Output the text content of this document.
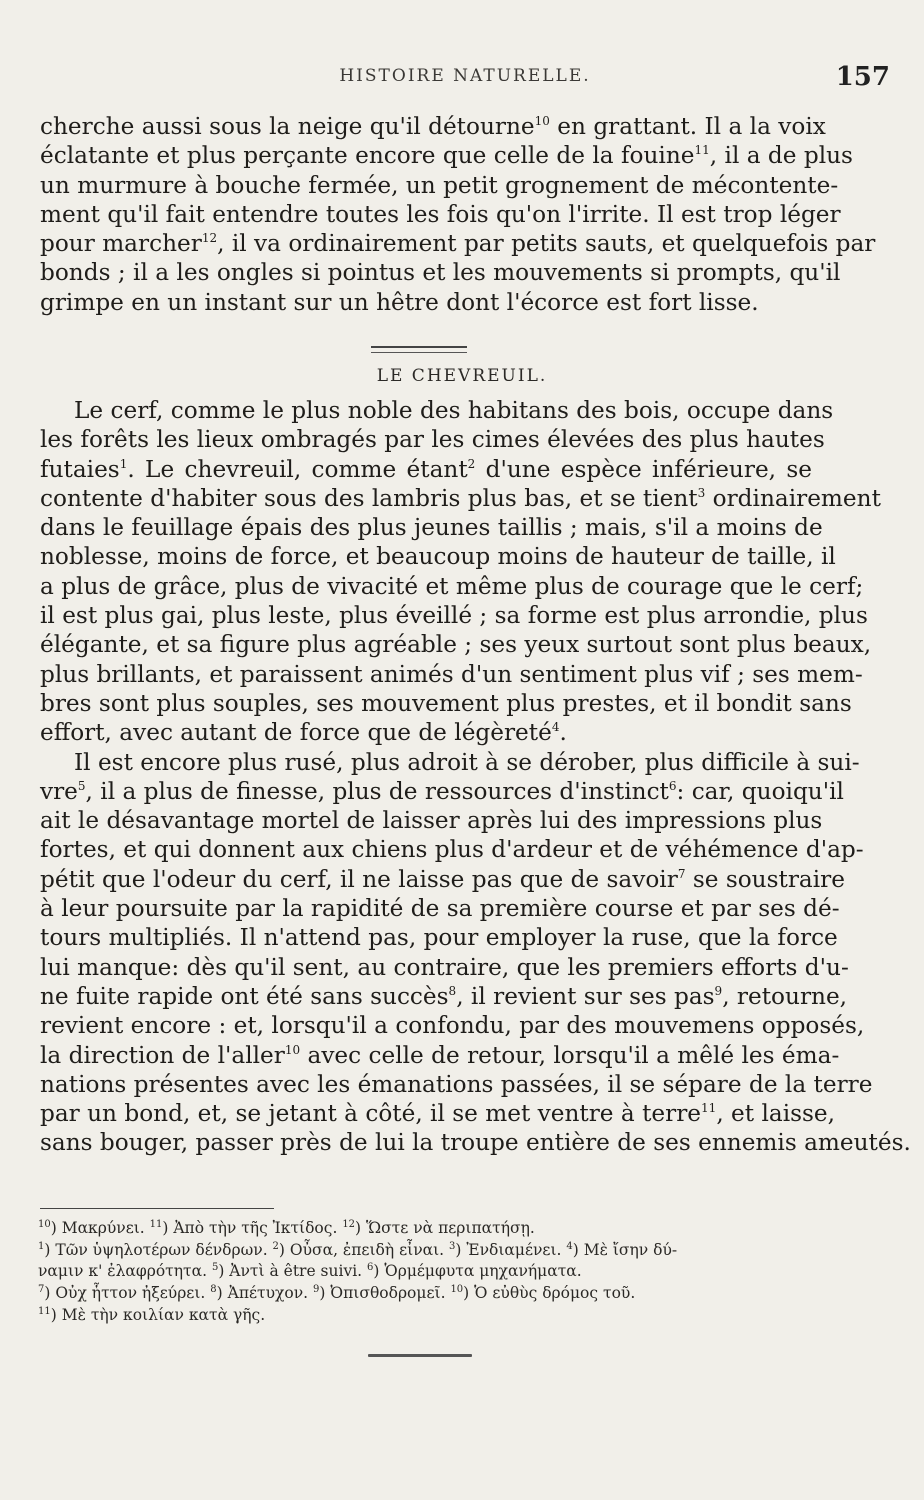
HISTOIRE NATURELLE.	157
cherche aussi sous la neige qu'il détourne$^{10}$ en grattant. Il a la voix
éclatante et plus perçante encore que celle de la fouine$^{11}$, il a de plus
un murmure à bouche fermée, un petit grognement de mécontente-
ment qu'il fait entendre toutes les fois qu'on l'irrite. Il est trop léger
pour marcher$^{12}$, il va ordinairement par petits sauts, et quelquefois par
bonds ; il a les ongles si pointus et les mouvements si prompts, qu'il
grimpe en un instant sur un hêtre dont l'écorce est fort lisse.
LE CHEVREUIL.
Le cerf, comme le plus noble des habitans des bois, occupe dans
les forêts les lieux ombragés par les cimes élevées des plus hautes
futaies$^1$. Le chevreuil, comme étant$^2$ d'une espèce inférieure, se
contente d'habiter sous des lambris plus bas, et se tient$^3$ ordinairement
dans le feuillage épais des plus jeunes taillis ; mais, s'il a moins de
noblesse, moins de force, et beaucoup moins de hauteur de taille, il
a plus de grâce, plus de vivacité et même plus de courage que le cerf;
il est plus gai, plus leste, plus éveillé ; sa forme est plus arrondie, plus
élégante, et sa figure plus agréable ; ses yeux surtout sont plus beaux,
plus brillants, et paraissent animés d'un sentiment plus vif ; ses mem-
bres sont plus souples, ses mouvement plus prestes, et il bondit sans
effort, avec autant de force que de légèreté$^4$.
Il est encore plus rusé, plus adroit à se dérober, plus difficile à sui-
vre$^5$, il a plus de finesse, plus de ressources d'instinct$^6$: car, quoiqu'il
ait le désavantage mortel de laisser après lui des impressions plus
fortes, et qui donnent aux chiens plus d'ardeur et de véhémence d'ap-
pétit que l'odeur du cerf, il ne laisse pas que de savoir$^7$ se soustraire
à leur poursuite par la rapidité de sa première course et par ses dé-
tours multipliés. Il n'attend pas, pour employer la ruse, que la force
lui manque: dès qu'il sent, au contraire, que les premiers efforts d'u-
ne fuite rapide ont été sans succès$^8$, il revient sur ses pas$^9$, retourne,
revient encore : et, lorsqu'il a confondu, par des mouvemens opposés,
la direction de l'aller$^{10}$ avec celle de retour, lorsqu'il a mêlé les éma-
nations présentes avec les émanations passées, il se sépare de la terre
par un bond, et, se jetant à côté, il se met ventre à terre$^{11}$, et laisse,
sans bouger, passer près de lui la troupe entière de ses ennemis ameutés.
$^{10}$) Μακρύνει. $^{11}$) Ἀπὸ τὴν τῆς Ἰκτίδος. $^{12}$) Ὥστε νὰ περιπατήσῃ.
$^1$) Τῶν ὑψηλοτέρων δένδρων. $^2$) Οὖσα, ἐπειδὴ εἶναι. $^3$) Ἐνδιαμένει. $^4$) Μὲ ἴσην δύ-
ναμιν κ' ἐλαφρότητα. $^5$) Ἀντὶ à être suivi. $^6$) Ὁρμέμφυτα μηχανήματα.
$^7$) Οὐχ ἧττον ἠξεύρει. $^8$) Ἀπέτυχον. $^9$) Ὀπισθοδρομεῖ. $^{10}$) Ὁ εὐθὺς δρόμος τοῦ.
$^{11}$) Μὲ τὴν κοιλίαν κατὰ γῆς.
